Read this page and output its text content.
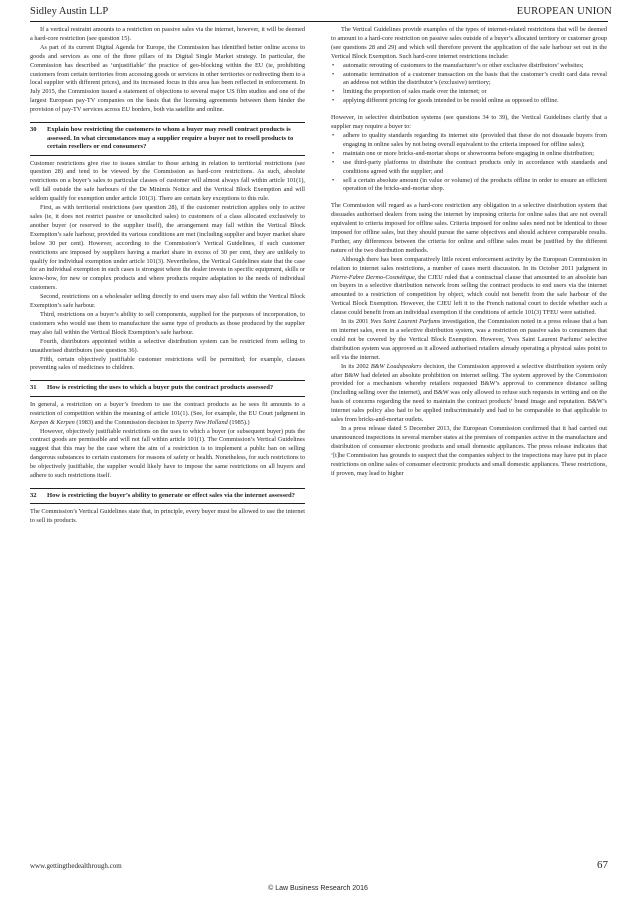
Sidley Austin LLP	EUROPEAN UNION

If a vertical restraint amounts to a restriction on passive sales via the internet, however, it will be deemed a hard-core restriction (see question 15).

As part of its current Digital Agenda for Europe, the Commission has identified better online access to goods and services as one of the three pillars of its Digital Single Market strategy. In particular, the Commission has described as ‘unjustifiable’ the practice of geo-blocking within the EU (ie, prohibiting customers from certain territories from accessing goods or services in other territories or redirecting them to a local supplier with different prices), and its increased focus in this area has been reflected in enforcement. In July 2015, the Commission issued a statement of objections to several major US film studios and one of the largest European pay-TV companies on the basis that the licensing agreements between them hinder the provision of pay-TV services across EU borders, both via satellite and online.

30	Explain how restricting the customers to whom a buyer may resell contract products is assessed. In what circumstances may a supplier require a buyer not to resell products to certain resellers or end consumers?

Customer restrictions give rise to issues similar to those arising in relation to territorial restrictions (see question 28) and tend to be viewed by the Commission as hard-core restrictions. As such, absolute restrictions on a buyer’s sales to particular classes of customer will almost always fall within article 101(1), will fall outside the safe harbours of the De Minimis Notice and the Vertical Block Exemption and will seldom qualify for exemption under article 101(3). There are certain key exceptions to this rule.

First, as with territorial restrictions (see question 28), if the customer restriction applies only to active sales (ie, it does not restrict passive or unsolicited sales) to customers of a class allocated exclusively to another buyer (or reserved to the supplier itself), the arrangement may fall within the Vertical Block Exemption’s safe harbour, provided its various conditions are met (including supplier and buyer market share below 30 per cent). However, according to the Commission’s Vertical Guidelines, if such customer restrictions are imposed by suppliers having a market share in excess of 30 per cent, they are unlikely to qualify for individual exemption under article 101(3). Nevertheless, the Vertical Guidelines state that the case for an individual exemption in such cases is strongest where the dealer invests in specific equipment, skills or know-how, for new or complex products and where products require adaptation to the needs of individual customers.

Second, restrictions on a wholesaler selling directly to end users may also fall within the Vertical Block Exemption’s safe harbour.

Third, restrictions on a buyer’s ability to sell components, supplied for the purposes of incorporation, to customers who would use them to manufacture the same type of products as those produced by the supplier may also fall within the Vertical Block Exemption’s safe harbour.

Fourth, distributors appointed within a selective distribution system can be restricted from selling to unauthorised distributors (see question 36).

Fifth, certain objectively justifiable customer restrictions will be permitted; for example, clauses preventing sales of medicines to children.

31	How is restricting the uses to which a buyer puts the contract products assessed?

In general, a restriction on a buyer’s freedom to use the contract products as he sees fit amounts to a restriction of competition within the meaning of article 101(1). (See, for example, the EU Court judgment in Kerpen & Kerpen (1983) and the Commission decision in Sperry New Holland (1985).)

However, objectively justifiable restrictions on the uses to which a buyer (or subsequent buyer) puts the contract goods are permissible and will not fall within article 101(1). The Commission’s Vertical Guidelines suggest that this may be the case where the aim of a restriction is to implement a public ban on selling dangerous substances to certain customers for reasons of safety or health. Nonetheless, for such restrictions to be objectively justifiable, the supplier would likely have to impose the same restrictions on all buyers and adhere to such restrictions itself.

32	How is restricting the buyer’s ability to generate or effect sales via the internet assessed?

The Commission’s Vertical Guidelines state that, in principle, every buyer must be allowed to use the internet to sell its products.

The Vertical Guidelines provide examples of the types of internet-related restrictions that will be deemed to amount to a hard-core restriction on passive sales outside of a buyer’s allocated territory or customer group (see questions 28 and 29) and which will therefore prevent the application of the safe harbour set out in the Vertical Block Exemption. Such hard-core internet restrictions include:

• automatic rerouting of customers to the manufacturer’s or other exclusive distributors’ websites;
• automatic termination of a customer transaction on the basis that the customer’s credit card data reveal an address not within the distributor’s (exclusive) territory;
• limiting the proportion of sales made over the internet; or
• applying different pricing for goods intended to be resold online as opposed to offline.

However, in selective distribution systems (see questions 34 to 39), the Vertical Guidelines clarify that a supplier may require a buyer to:

• adhere to quality standards regarding its internet site (provided that these do not dissuade buyers from engaging in online sales by not being overall equivalent to the criteria imposed for offline sales);
• maintain one or more bricks-and-mortar shops or showrooms before engaging in online distribution;
• use third-party platforms to distribute the contract products only in accordance with standards and conditions agreed with the supplier; and
• sell a certain absolute amount (in value or volume) of the products offline in order to ensure an efficient operation of the bricks-and-mortar shop.

The Commission will regard as a hard-core restriction any obligation in a selective distribution system that dissuades authorised dealers from using the internet by imposing criteria for online sales that are not overall equivalent to criteria imposed for offline sales. Criteria imposed for online sales need not be identical to those imposed for offline sales, but they should pursue the same objectives and should achieve comparable results. Further, any differences between the criteria for online and offline sales must be justified by the different nature of the two distribution methods.

Although there has been comparatively little recent enforcement activity by the European Commission in relation to internet sales restrictions, a number of cases merit discussion. In its October 2011 judgment in Pierre-Fabre Dermo-Cosmétique, the CJEU ruled that a contractual clause that amounted to an absolute ban on buyers in a selective distribution network from selling the contract products to end users via the internet amounted to a restriction of competition by object, which could not benefit from the safe harbour of the Vertical Block Exemption. However, the CJEU left it to the French national court to decide whether such a clause could benefit from an individual exemption if the conditions of article 101(3) TFEU were satisfied.

In its 2001 Yves Saint Laurent Parfums investigation, the Commission noted in a press release that a ban on internet sales, even in a selective distribution system, was a restriction on passive sales to consumers that could not be covered by the Vertical Block Exemption. However, Yves Saint Laurent Parfums’ selective distribution system was approved as it allowed authorised retailers already operating a physical sales point to sell via the internet.

In its 2002 B&W Loudspeakers decision, the Commission approved a selective distribution system only after B&W had deleted an absolute prohibition on internet selling. The system approved by the Commission provided for a mechanism whereby retailers requested B&W’s approval to commence distance selling (including selling over the internet), and B&W was only allowed to refuse such requests in writing and on the basis of concerns regarding the need to maintain the contract products’ brand image and reputation. B&W’s internet sales policy also had to be applied indiscriminately and had to be comparable to that applicable to sales from bricks-and-mortar outlets.

In a press release dated 5 December 2013, the European Commission confirmed that it had carried out unannounced inspections in several member states at the premises of companies active in the manufacture and distribution of consumer electronic products and small domestic appliances. The press release indicates that ‘[t]he Commission has grounds to suspect that the companies subject to the inspections may have put in place restrictions on online sales of consumer electronic products and small domestic appliances. These restrictions, if proven, may lead to higher

www.gettingthedealthrough.com	67
© Law Business Research 2016
